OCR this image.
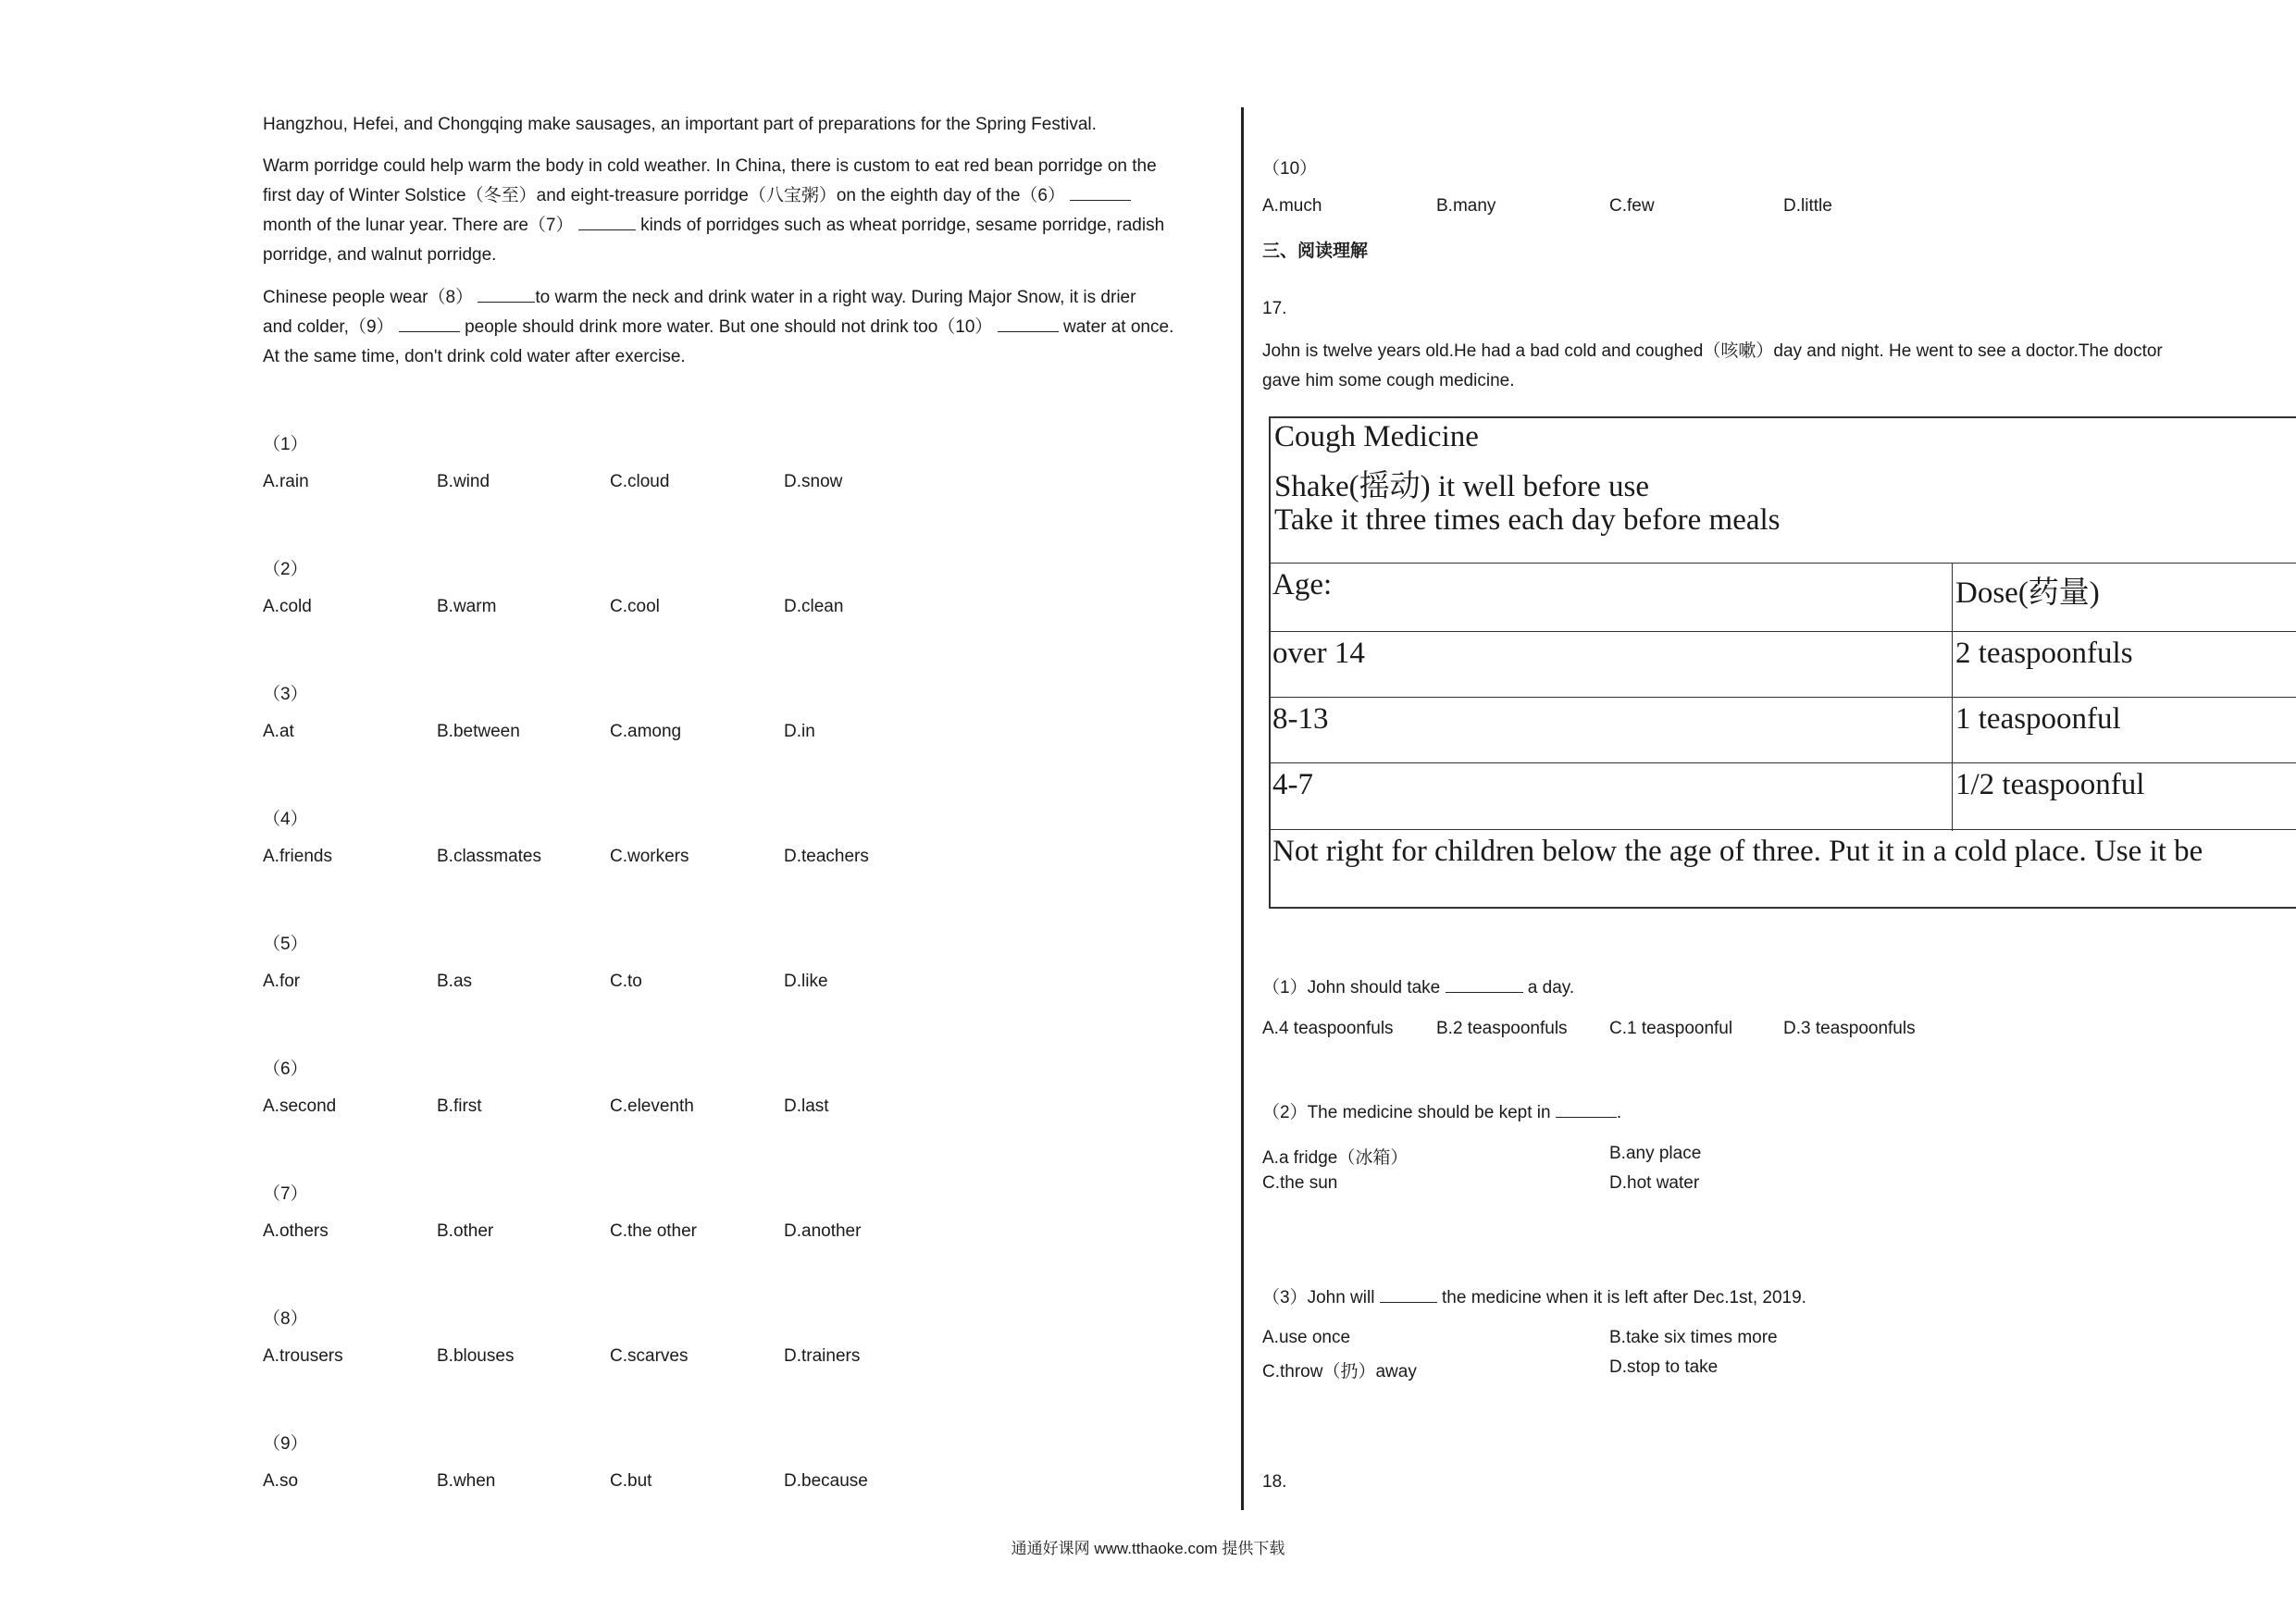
Hangzhou, Hefei, and Chongqing make sausages, an important part of preparations for the Spring Festival.

Warm porridge could help warm the body in cold weather. In China, there is custom to eat red bean porridge on the

first day of Winter Solstice（冬至）and eight-treasure porridge（八宝粥）on the eighth day of the（6）

month of the lunar year. There are（7）	kinds of porridges such as wheat porridge, sesame porridge, radish

porridge, and walnut porridge.

Chinese people wear（8）	to warm the neck and drink water in a right way. During Major Snow, it is drier

and colder,（9）	people should drink more water. But one should not drink too（10）	water at once.

At the same time, don't drink cold water after exercise.

（1）
A.rain	B.wind	C.cloud	D.snow
（2）
A.cold	B.warm	C.cool	D.clean
（3）
A.at	B.between	C.among	D.in
（4）
A.friends	B.classmates	C.workers	D.teachers
（5）
A.for	B.as	C.to	D.like
（6）
A.second	B.first	C.eleventh	D.last
（7）
A.others	B.other	C.the other	D.another
（8）
A.trousers	B.blouses	C.scarves	D.trainers
（9）
A.so	B.when	C.but	D.because
（10）
A.much	B.many	C.few	D.little
三、阅读理解
17.

John is twelve years old.He had a bad cold and coughed（咳嗽）day and night. He went to see a doctor.The doctor

gave him some cough medicine.

Cough Medicine
Shake(摇动) it well before use
Take it three times each day before meals
Age:	Dose(药量)
over 14	2 teaspoonfuls
8-13	1 teaspoonful
4-7	1/2 teaspoonful
Not right for children below the age of three. Put it in a cold place. Use it be

（1）John should take	a day.

A.4 teaspoonfuls B.2 teaspoonfuls C.1 teaspoonful	D.3 teaspoonfuls

（2）The medicine should be kept in	.

A.a fridge（冰箱）	B.any place
C.the sun	D.hot water

（3）John will	the medicine when it is left after Dec.1st, 2019.

A.use once	B.take six times more
C.throw（扔）away	D.stop to take
18.
通通好课网 www.tthaoke.com 提供下载
